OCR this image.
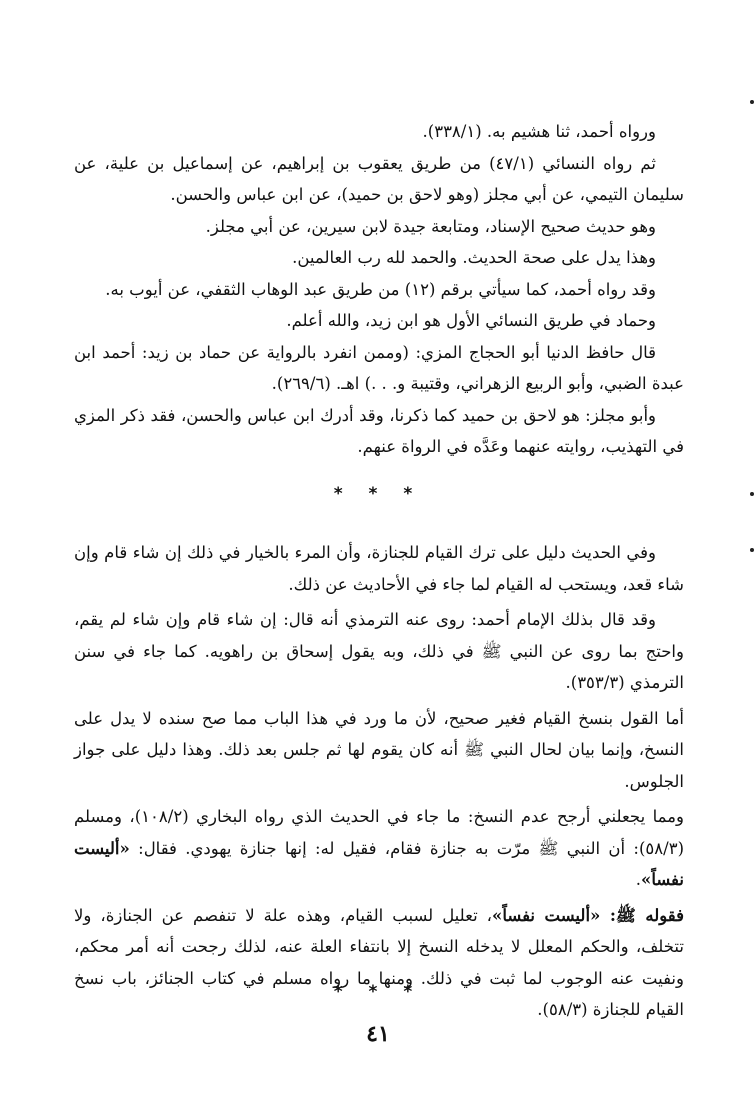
ورواه أحمد، ثنا هشيم به. (٣٣٨/١).

ثم رواه النسائي (٤٧/١) من طريق يعقوب بن إبراهيم، عن إسماعيل بن علية، عن سليمان التيمي، عن أبي مجلز (وهو لاحق بن حميد)، عن ابن عباس والحسن.

وهو حديث صحيح الإسناد، ومتابعة جيدة لابن سيرين، عن أبي مجلز.

وهذا يدل على صحة الحديث. والحمد لله رب العالمين.

وقد رواه أحمد، كما سيأتي برقم (١٢) من طريق عبد الوهاب الثقفي، عن أيوب به.

وحماد في طريق النسائي الأول هو ابن زيد، والله أعلم.

قال حافظ الدنيا أبو الحجاج المزي: (وممن انفرد بالرواية عن حماد بن زيد: أحمد ابن عبدة الضبي، وأبو الربيع الزهراني، وقتيبة و. . .) اهـ. (٢٦٩/٦).

وأبو مجلز: هو لاحق بن حميد كما ذكرنا، وقد أدرك ابن عباس والحسن، فقد ذكر المزي في التهذيب، روايته عنهما وعَدَّه في الرواة عنهم.

* * *

وفي الحديث دليل على ترك القيام للجنازة، وأن المرء بالخيار في ذلك إن شاء قام وإن شاء قعد، ويستحب له القيام لما جاء في الأحاديث عن ذلك.

وقد قال بذلك الإمام أحمد: روى عنه الترمذي أنه قال: إن شاء قام وإن شاء لم يقم، واحتج بما روى عن النبي ﷺ في ذلك، وبه يقول إسحاق بن راهويه. كما جاء في سنن الترمذي (٣٥٣/٣).

أما القول بنسخ القيام فغير صحيح، لأن ما ورد في هذا الباب مما صح سنده لا يدل على النسخ، وإنما بيان لحال النبي ﷺ أنه كان يقوم لها ثم جلس بعد ذلك. وهذا دليل على جواز الجلوس.

ومما يجعلني أرجح عدم النسخ: ما جاء في الحديث الذي رواه البخاري (١٠٨/٢)، ومسلم (٥٨/٣): أن النبي ﷺ مرّت به جنازة فقام، فقيل له: إنها جنازة يهودي. فقال: «أليست نفساً».

فقوله ﷺ: «أليست نفساً»، تعليل لسبب القيام، وهذه علة لا تنفصم عن الجنازة، ولا تتخلف، والحكم المعلل لا يدخله النسخ إلا بانتفاء العلة عنه، لذلك رجحت أنه أمر محكم، ونفيت عنه الوجوب لما ثبت في ذلك. ومنها ما رواه مسلم في كتاب الجنائز، باب نسخ القيام للجنازة (٥٨/٣).

* * *
٤١
